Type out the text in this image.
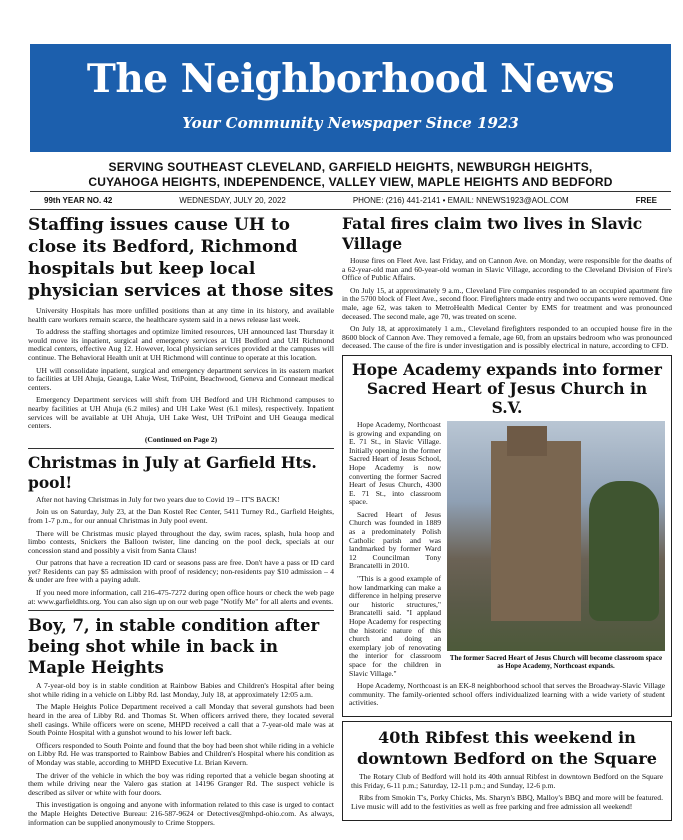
The Neighborhood News
Your Community Newspaper Since 1923
SERVING SOUTHEAST CLEVELAND, GARFIELD HEIGHTS, NEWBURGH HEIGHTS,
CUYAHOGA HEIGHTS, INDEPENDENCE, VALLEY VIEW, MAPLE HEIGHTS AND BEDFORD
99th YEAR NO. 42	WEDNESDAY, JULY 20, 2022	PHONE: (216) 441-2141 • EMAIL: NNEWS1923@AOL.COM	FREE
Staffing issues cause UH to close its Bedford, Richmond hospitals but keep local physician services at those sites

University Hospitals has more unfilled positions than at any time in its history, and available health care workers remain scarce, the healthcare system said in a news release last week.

To address the staffing shortages and optimize limited resources, UH announced last Thursday it would move its inpatient, surgical and emergency services at UH Bedford and UH Richmond medical centers, effective Aug 12. However, local physician services provided at the campuses will continue. The Behavioral Health unit at UH Richmond will continue to operate at this location.

UH will consolidate inpatient, surgical and emergency department services in its eastern market to facilities at UH Ahuja, Geauga, Lake West, TriPoint, Beachwood, Geneva and Conneaut medical centers.

Emergency Department services will shift from UH Bedford and UH Richmond campuses to nearby facilities at UH Ahuja (6.2 miles) and UH Lake West (6.1 miles), respectively. Inpatient services will be available at UH Ahuja, UH Lake West, UH TriPoint and UH Geauga medical centers.

(Continued on Page 2)

Christmas in July at Garfield Hts. pool!

After not having Christmas in July for two years due to Covid 19 – IT'S BACK!

Join us on Saturday, July 23, at the Dan Kostel Rec Center, 5411 Turney Rd., Garfield Heights, from 1-7 p.m., for our annual Christmas in July pool event.

There will be Christmas music played throughout the day, swim races, splash, hula hoop and limbo contests, Snickers the Balloon twister, line dancing on the pool deck, specials at our concession stand and possibly a visit from Santa Claus!

Our patrons that have a recreation ID card or seasons pass are free. Don't have a pass or ID card yet? Residents can pay $5 admission with proof of residency; non-residents pay $10 admission – 4 & under are free with a paying adult.

If you need more information, call 216-475-7272 during open office hours or check the web page at: www.garfieldhts.org. You can also sign up on our web page "Notify Me" for all alerts and events.

Boy, 7, in stable condition after being shot while in back in Maple Heights

A 7-year-old boy is in stable condition at Rainbow Babies and Children's Hospital after being shot while riding in a vehicle on Libby Rd. last Monday, July 18, at approximately 12:05 a.m.

The Maple Heights Police Department received a call Monday that several gunshots had been heard in the area of Libby Rd. and Thomas St. When officers arrived there, they located several shell casings. While officers were on scene, MHPD received a call that a 7-year-old male was at South Pointe Hospital with a gunshot wound to his lower left back.

Officers responded to South Pointe and found that the boy had been shot while riding in a vehicle on Libby Rd. He was transported to Rainbow Babies and Children's Hospital where his condition as of Monday was stable, according to MHPD Executive Lt. Brian Kevern.

The driver of the vehicle in which the boy was riding reported that a vehicle began shooting at them while driving near the Valero gas station at 14196 Granger Rd. The suspect vehicle is described as silver or white with four doors.

This investigation is ongoing and anyone with information related to this case is urged to contact the Maple Heights Detective Bureau: 216-587-9624 or Detectives@mhpd-ohio.com. As always, information can be supplied anonymously to Crime Stoppers.

Fatal fires claim two lives in Slavic Village

House fires on Fleet Ave. last Friday, and on Cannon Ave. on Monday, were responsible for the deaths of a 62-year-old man and 60-year-old woman in Slavic Village, according to the Cleveland Division of Fire's Office of Public Affairs.

On July 15, at approximately 9 a.m., Cleveland Fire companies responded to an occupied apartment fire in the 5700 block of Fleet Ave., second floor. Firefighters made entry and two occupants were removed. One male, age 62, was taken to MetroHealth Medical Center by EMS for treatment and was pronounced deceased. The second male, age 70, was treated on scene.

On July 18, at approximately 1 a.m., Cleveland firefighters responded to an occupied house fire in the 8600 block of Cannon Ave. They removed a female, age 60, from an upstairs bedroom who was pronounced deceased. The cause of the fire is under investigation and is possibly electrical in nature, according to CFD.

Hope Academy expands into former Sacred Heart of Jesus Church in S.V.
The former Sacred Heart of Jesus Church will become classroom space as Hope Academy, Northcoast expands.

Hope Academy, Northcoast is growing and expanding on E. 71 St., in Slavic Village. Initially opening in the former Sacred Heart of Jesus School, Hope Academy is now converting the former Sacred Heart of Jesus Church, 4300 E. 71 St., into classroom space.

Sacred Heart of Jesus Church was founded in 1889 as a predominately Polish Catholic parish and was landmarked by former Ward 12 Councilman Tony Brancatelli in 2010.

"This is a good example of how landmarking can make a difference in helping preserve our historic structures," Brancatelli said. "I applaud Hope Academy for respecting the historic nature of this church and doing an exemplary job of renovating the interior for classroom space for the children in Slavic Village."

Hope Academy, Northcoast is an EK-8 neighborhood school that serves the Broadway-Slavic Village community. The family-oriented school offers individualized learning with a wide variety of student activities.

40th Ribfest this weekend in downtown Bedford on the Square

The Rotary Club of Bedford will hold its 40th annual Ribfest in downtown Bedford on the Square this Friday, 6-11 p.m.; Saturday, 12-11 p.m.; and Sunday, 12-6 p.m.

Ribs from Smokin T's, Porky Chicks, Ms. Sharyn's BBQ, Malloy's BBQ and more will be featured. Live music will add to the festivities as well as free parking and free admission all weekend!
